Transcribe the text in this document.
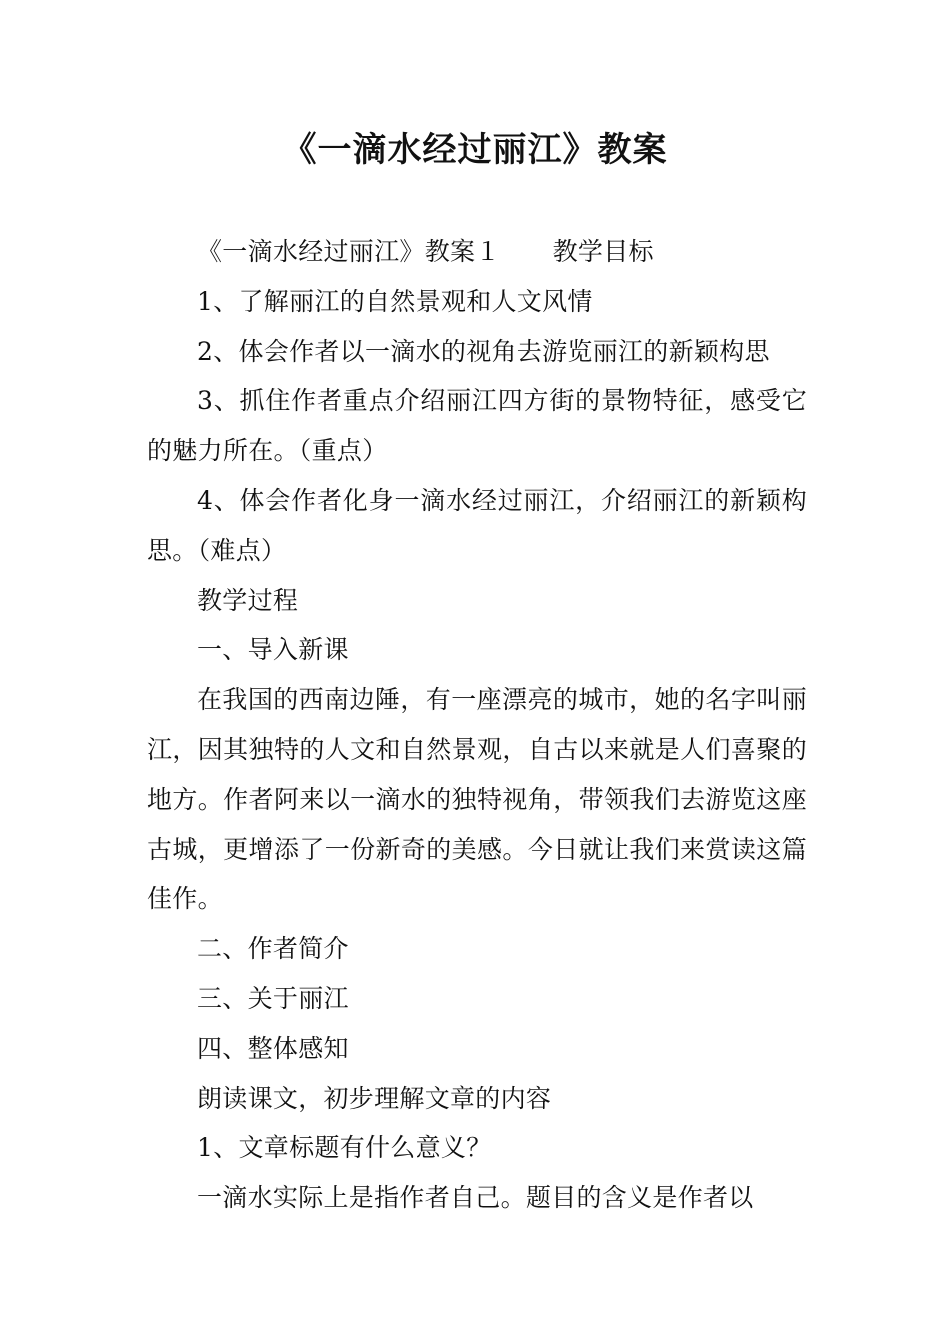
《一滴水经过丽江》教案

《一滴水经过丽江》教案１ 教学目标

1、了解丽江的自然景观和人文风情

2、体会作者以一滴水的视角去游览丽江的新颖构思

3、抓住作者重点介绍丽江四方街的景物特征，感受它的魅力所在。（重点）

4、体会作者化身一滴水经过丽江，介绍丽江的新颖构思。（难点）

教学过程

一、导入新课

在我国的西南边陲，有一座漂亮的城市，她的名字叫丽江，因其独特的人文和自然景观，自古以来就是人们喜聚的地方。作者阿来以一滴水的独特视角，带领我们去游览这座古城，更增添了一份新奇的美感。今日就让我们来赏读这篇佳作。

二、作者简介

三、关于丽江

四、整体感知

朗读课文，初步理解文章的内容

1、文章标题有什么意义？

一滴水实际上是指作者自己。题目的含义是作者以
